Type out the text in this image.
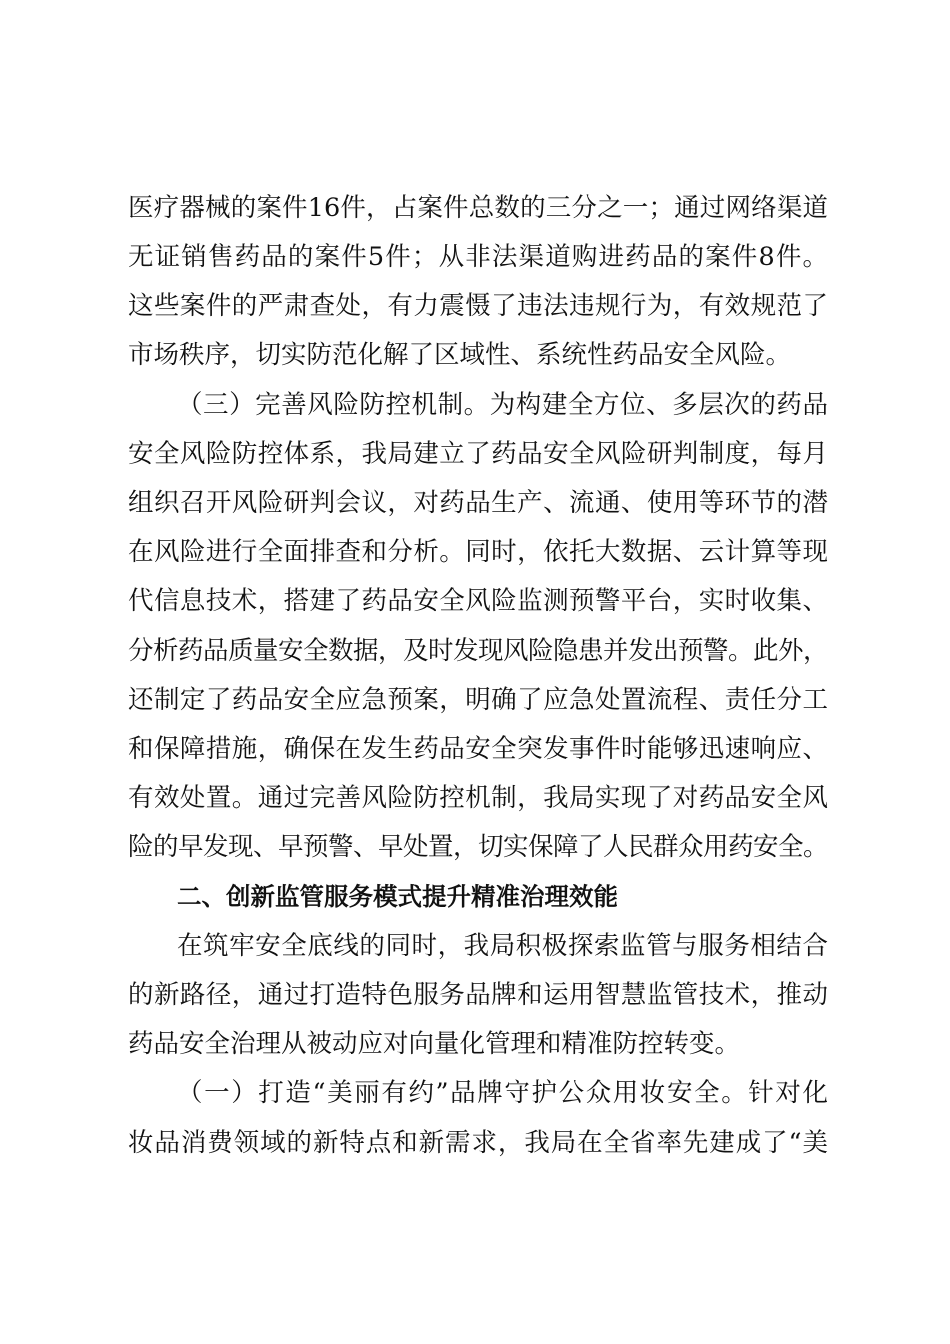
医疗器械的案件16件，占案件总数的三分之一；通过网络渠道
无证销售药品的案件5件；从非法渠道购进药品的案件8件。
这些案件的严肃查处，有力震慑了违法违规行为，有效规范了
市场秩序，切实防范化解了区域性、系统性药品安全风险。
（三）完善风险防控机制。为构建全方位、多层次的药品
安全风险防控体系，我局建立了药品安全风险研判制度，每月
组织召开风险研判会议，对药品生产、流通、使用等环节的潜
在风险进行全面排查和分析。同时，依托大数据、云计算等现
代信息技术，搭建了药品安全风险监测预警平台，实时收集、
分析药品质量安全数据，及时发现风险隐患并发出预警。此外，
还制定了药品安全应急预案，明确了应急处置流程、责任分工
和保障措施，确保在发生药品安全突发事件时能够迅速响应、
有效处置。通过完善风险防控机制，我局实现了对药品安全风
险的早发现、早预警、早处置，切实保障了人民群众用药安全。
二、创新监管服务模式提升精准治理效能
在筑牢安全底线的同时，我局积极探索监管与服务相结合
的新路径，通过打造特色服务品牌和运用智慧监管技术，推动
药品安全治理从被动应对向量化管理和精准防控转变。
（一）打造“美丽有约”品牌守护公众用妆安全。针对化
妆品消费领域的新特点和新需求，我局在全省率先建成了“美
